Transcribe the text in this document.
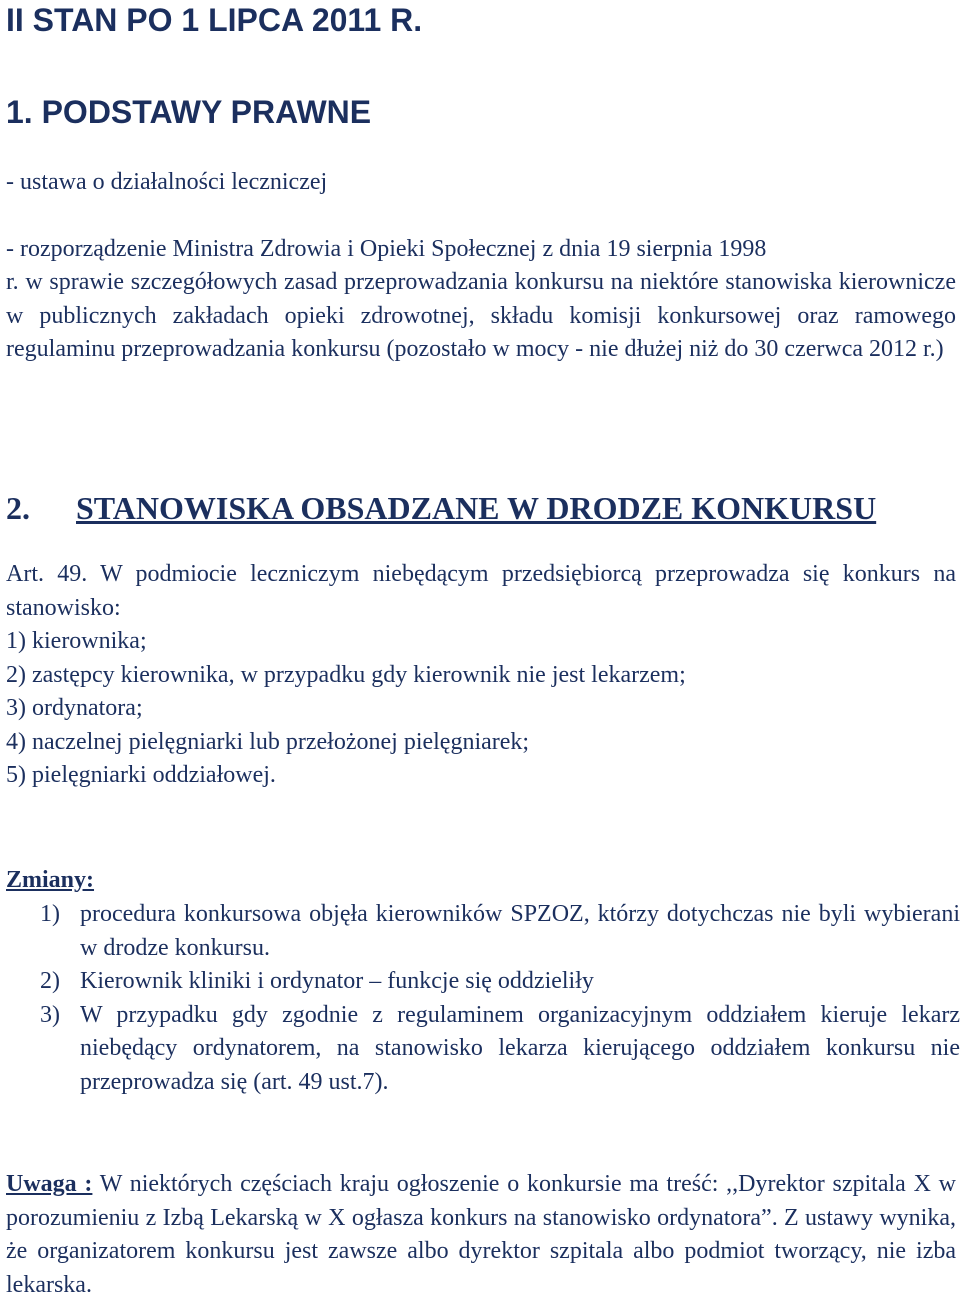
II STAN PO 1 LIPCA 2011 R.
1. PODSTAWY PRAWNE
- ustawa o działalności leczniczej
- rozporządzenie Ministra Zdrowia i Opieki Społecznej z dnia 19 sierpnia 1998
r. w sprawie szczegółowych zasad przeprowadzania konkursu na niektóre stanowiska kierownicze w publicznych zakładach opieki zdrowotnej, składu komisji konkursowej oraz ramowego regulaminu przeprowadzania konkursu (pozostało w mocy - nie dłużej niż do 30 czerwca 2012 r.)
2. STANOWISKA OBSADZANE W DRODZE KONKURSU
Art. 49. W podmiocie leczniczym niebędącym przedsiębiorcą przeprowadza się konkurs na stanowisko:
1) kierownika;
2) zastępcy kierownika, w przypadku gdy kierownik nie jest lekarzem;
3) ordynatora;
4) naczelnej pielęgniarki lub przełożonej pielęgniarek;
5) pielęgniarki oddziałowej.
Zmiany:
1) procedura konkursowa objęła kierowników SPZOZ, którzy dotychczas nie byli wybierani w drodze konkursu.
2) Kierownik kliniki i ordynator – funkcje się oddzieliły
3) W przypadku gdy zgodnie z regulaminem organizacyjnym oddziałem kieruje lekarz niebędący ordynatorem, na stanowisko lekarza kierującego oddziałem konkursu nie przeprowadza się (art. 49 ust.7).
Uwaga : W niektórych częściach kraju ogłoszenie o konkursie ma treść: ,,Dyrektor szpitala X w porozumieniu z Izbą Lekarską w X ogłasza konkurs na stanowisko ordynatora”. Z ustawy wynika, że organizatorem konkursu jest zawsze albo dyrektor szpitala albo podmiot tworzący, nie izba lekarska.
